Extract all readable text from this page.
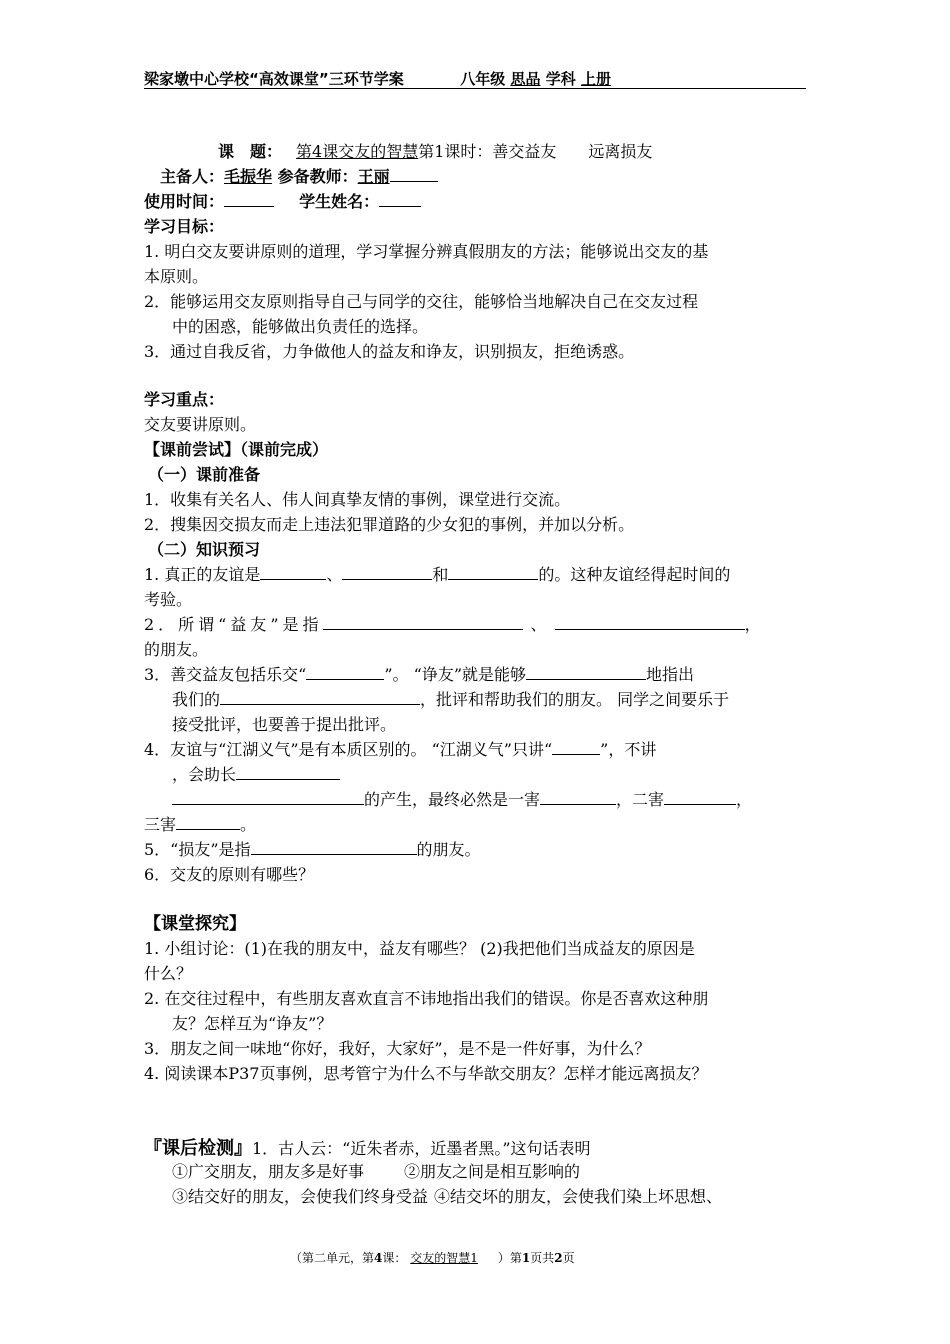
梁家墩中心学校“高效课堂”三环节学案	八年级 思品 学科 上册
课　题： 第4课交友的智慧第1课时：善交益友　　远离损友
主备人：毛振华 参备教师：王丽
使用时间：	学生姓名：
学习目标：
1. 明白交友要讲原则的道理，学习掌握分辨真假朋友的方法；能够说出交友的基
本原则。
2．能够运用交友原则指导自己与同学的交往，能够恰当地解决自己在交友过程
中的困惑，能够做出负责任的选择。
3．通过自我反省，力争做他人的益友和诤友，识别损友，拒绝诱惑。
学习重点：
交友要讲原则。
【课前尝试】（课前完成）
（一）课前准备
1．收集有关名人、伟人间真挚友情的事例，课堂进行交流。
2．搜集因交损友而走上违法犯罪道路的少女犯的事例，并加以分析。
（二）知识预习
1. 真正的友谊是	、	和	的。这种友谊经得起时间的
考验。
2．所谓“益友”是指	、	，
的朋友。
3．善交益友包括乐交“	”。 “诤友”就是能够	地指出
我们的	，批评和帮助我们的朋友。 同学之间要乐于
接受批评，也要善于提出批评。
4．友谊与“江湖义气”是有本质区别的。 “江湖义气”只讲“	”，不讲
，会助长
的产生，最终必然是一害	，二害	，
三害	。
5．“损友”是指	的朋友。
6．交友的原则有哪些？
【课堂探究】
1. 小组讨论：(1)在我的朋友中，益友有哪些？ (2)我把他们当成益友的原因是
什么？
2. 在交往过程中，有些朋友喜欢直言不讳地指出我们的错误。你是否喜欢这种朋
友？怎样互为“诤友”？
3．朋友之间一味地“你好，我好，大家好”，是不是一件好事，为什么？
4. 阅读课本P37页事例，思考管宁为什么不与华歆交朋友？怎样才能远离损友？
『课后检测』1．古人云：“近朱者赤，近墨者黑。”这句话表明
①广交朋友，朋友多是好事	②朋友之间是相互影响的
③结交好的朋友，会使我们终身受益 ④结交坏的朋友，会使我们染上坏思想、
（第二单元，第4课： 交友的智慧1 ）第1页共2页
